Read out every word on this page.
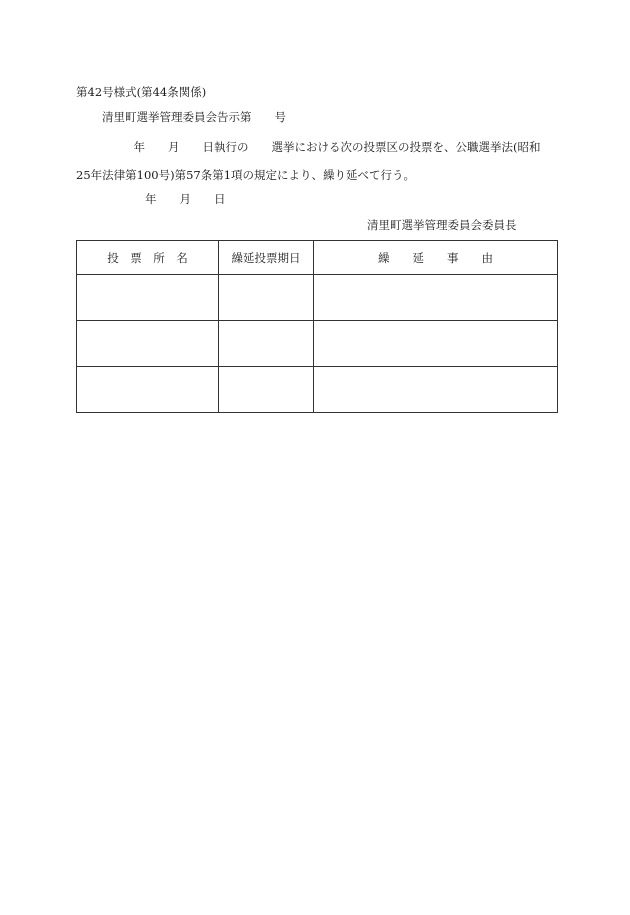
第42号様式(第44条関係)
清里町選挙管理委員会告示第　　号
　　　　　年　　月　　日執行の　　選挙における次の投票区の投票を、公職選挙法(昭和
25年法律第100号)第57条第1項の規定により、繰り延べて行う。
　　　　　　年　　月　　日
清里町選挙管理委員会委員長
投　票　所　名	繰延投票期日	繰　　延　　事　　由
